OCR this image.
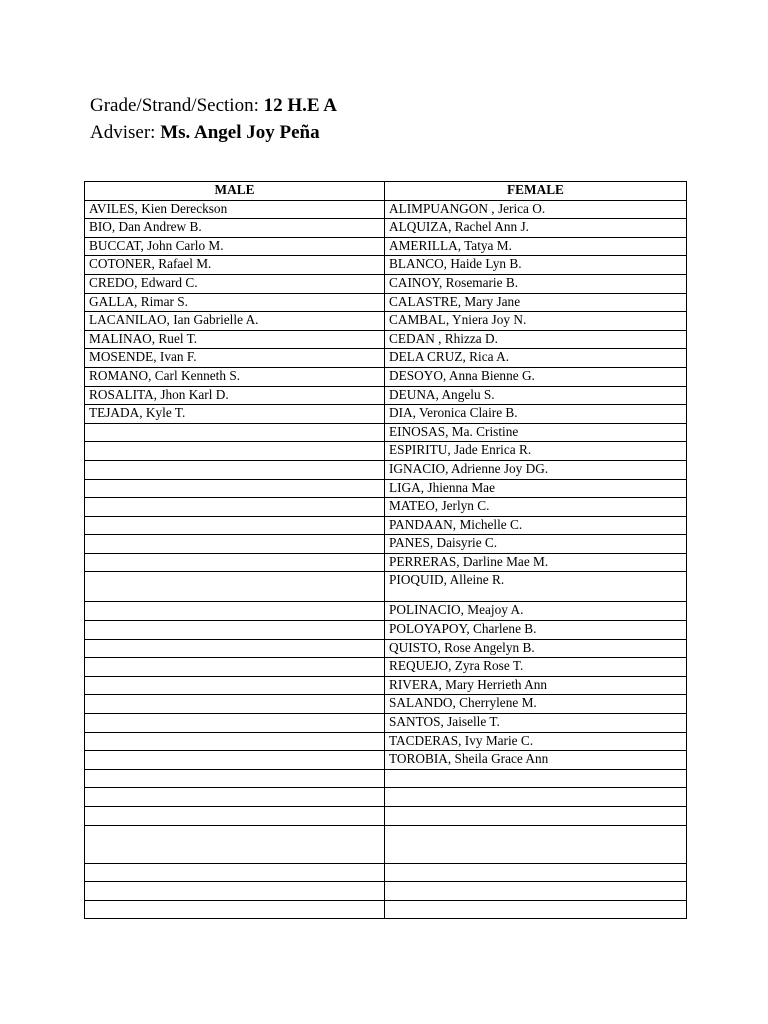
Grade/Strand/Section: 12 H.E A
Adviser: Ms. Angel Joy Peña
MALE	FEMALE
AVILES, Kien Dereckson	ALIMPUANGON , Jerica O.
BIO, Dan Andrew B.	ALQUIZA, Rachel Ann J.
BUCCAT, John Carlo M.	AMERILLA, Tatya M.
COTONER, Rafael M.	BLANCO, Haide Lyn B.
CREDO, Edward C.	CAINOY, Rosemarie B.
GALLA, Rimar S.	CALASTRE, Mary Jane
LACANILAO, Ian Gabrielle A.	CAMBAL, Yniera Joy N.
MALINAO, Ruel T.	CEDAN , Rhizza D.
MOSENDE, Ivan F.	DELA CRUZ, Rica A.
ROMANO, Carl Kenneth S.	DESOYO, Anna Bienne G.
ROSALITA, Jhon Karl D.	DEUNA, Angelu S.
TEJADA, Kyle T.	DIA, Veronica Claire B.
	EINOSAS, Ma. Cristine
	ESPIRITU, Jade Enrica R.
	IGNACIO, Adrienne Joy DG.
	LIGA, Jhienna Mae
	MATEO, Jerlyn C.
	PANDAAN, Michelle C.
	PANES, Daisyrie C.
	PERRERAS, Darline Mae M.
	PIOQUID, Alleine R.
	POLINACIO, Meajoy A.
	POLOYAPOY, Charlene B.
	QUISTO, Rose Angelyn B.
	REQUEJO, Zyra Rose T.
	RIVERA, Mary Herrieth Ann
	SALANDO, Cherrylene M.
	SANTOS, Jaiselle T.
	TACDERAS, Ivy Marie C.
	TOROBIA, Sheila Grace Ann
